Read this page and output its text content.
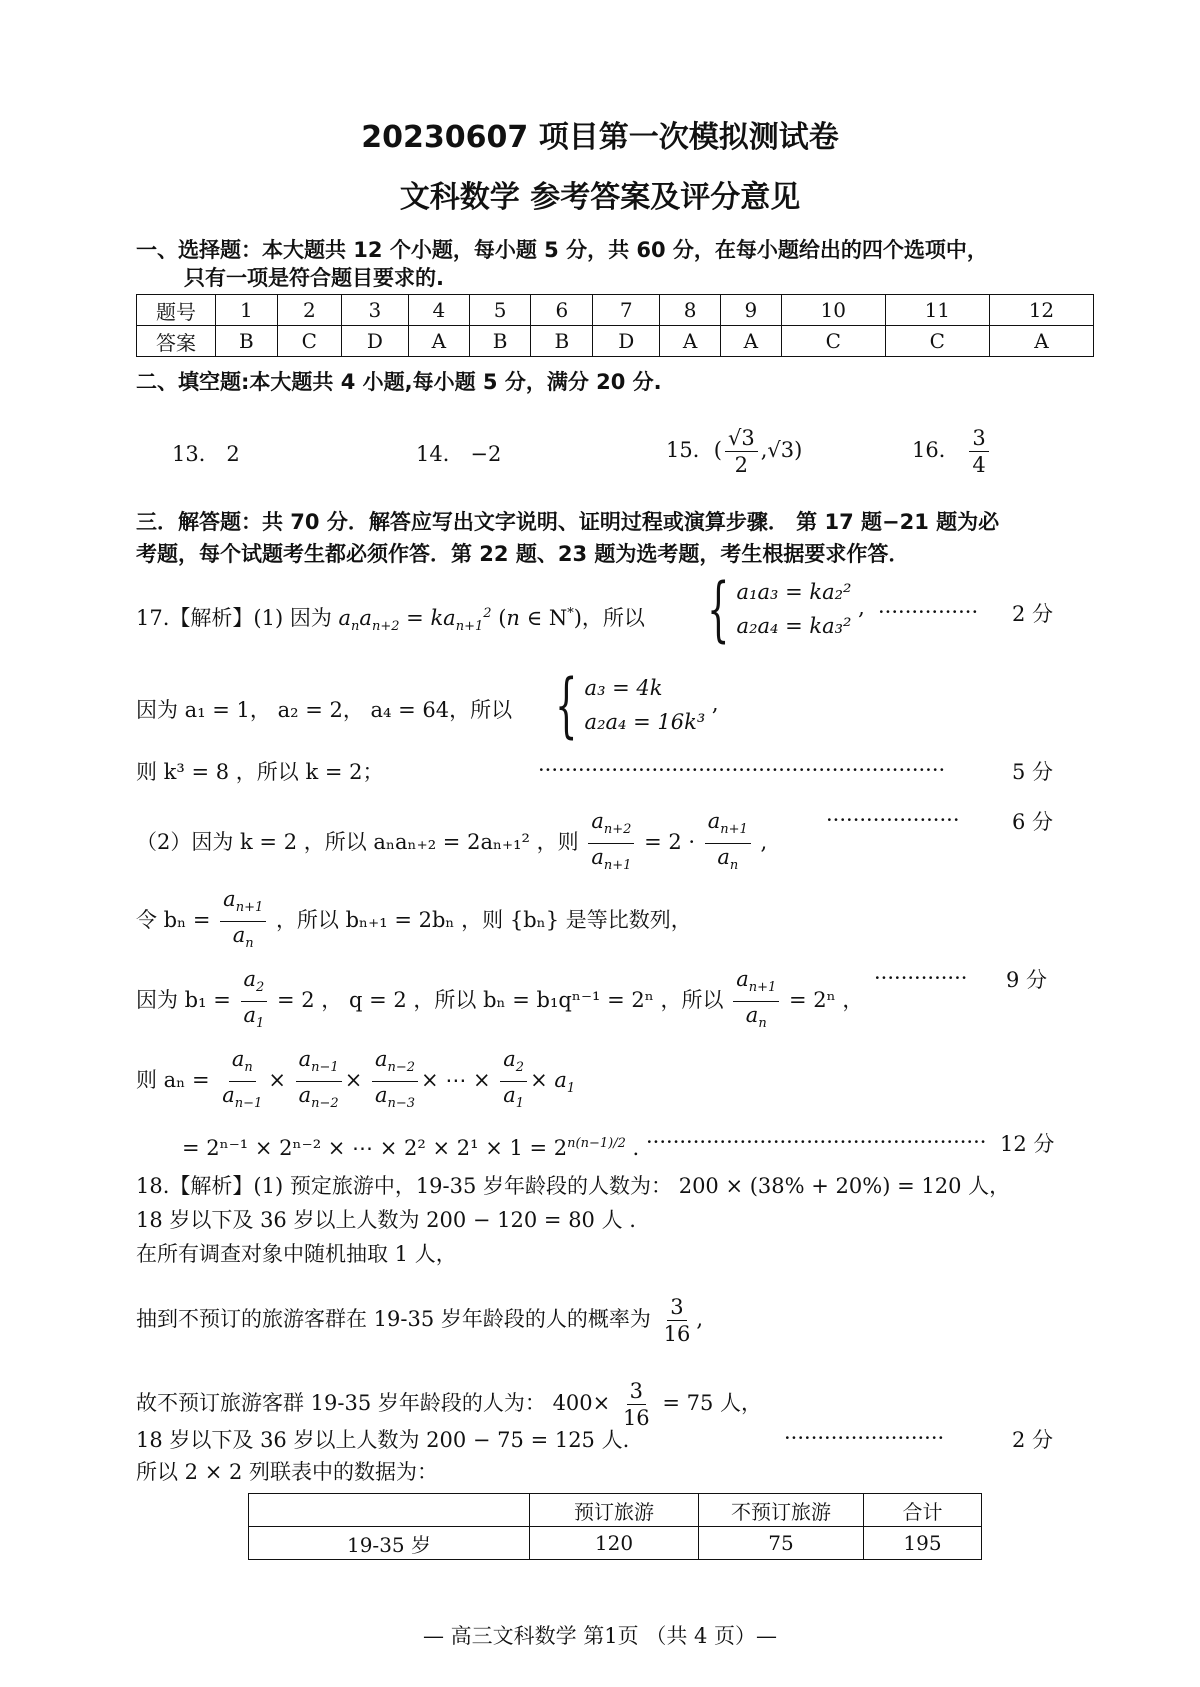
20230607 项目第一次模拟测试卷
文科数学 参考答案及评分意见
一、选择题：本大题共 12 个小题，每小题 5 分，共 60 分，在每小题给出的四个选项中，
只有一项是符合题目要求的.
题号	1	2	3	4	5	6	7	8	9	10	11	12
答案	B	C	D	A	B	B	D	A	A	C	C	A
二、填空题:本大题共 4 小题,每小题 5 分，满分 20 分.
13． 2	14． −2	15．( $\frac{√3}{2} ,√3$)	16． $\frac{3}{4}$
三．解答题：共 70 分．解答应写出文字说明、证明过程或演算步骤． 第 17 题−21 题为必
考题，每个试题考生都必须作答．第 22 题、23 题为选考题，考生根据要求作答．
17.【解析】(1) 因为 $a_na_{n+2} = ka_{n+1}^2$ (n ∈ N*)，所以 { a₁a₃ = ka₂²
a₂a₄ = ka₃²
, ··············· 2 分
因为 a₁ = 1， a₂ = 2， a₄ = 64，所以 { a₃ = 4k
a₂a₄ = 16k³
,
则 k³ = 8 ，所以 k = 2；	·····························································	5 分
（2）因为 k = 2 ，所以 aₙaₙ₊₂ = 2aₙ₊₁² ，则 $\frac{a_{n+2}}{a_{n+1}} = 2 \cdot \frac{a_{n+1}}{a_n}$ ,
···················· 6 分
令 $b_n = \frac{a_{n+1}}{a_n}$ ，所以 bₙ₊₁ = 2bₙ ，则 {bₙ} 是等比数列，
因为 $b_1 = \frac{a_2}{a_1} = 2$ ， q = 2 ，所以 bₙ = b₁qⁿ⁻¹ = 2ⁿ ，所以 $\frac{a_{n+1}}{a_n} = 2^n$ ，
·············· 9 分
则 $a_n = \frac{a_n}{a_{n-1}} \times \frac{a_{n-1}}{a_{n-2}} \times \frac{a_{n-2}}{a_{n-3}}$ × ⋯ × $\frac{a_2}{a_1} \times a_1$
= 2ⁿ⁻¹ × 2ⁿ⁻² × ⋯ × $2^2 \times 2^1 \times 1 = 2^{n(n-1)/2}$ . ··················································· 12 分
18.【解析】(1) 预定旅游中，19-35 岁年龄段的人数为： 200 × (38% + 20%) = 120 人，
18 岁以下及 36 岁以上人数为 200 − 120 = 80 人 .
在所有调查对象中随机抽取 1 人，
抽到不预订的旅游客群在 19-35 岁年龄段的人的概率为 $\frac{3}{16}$ ,
故不预订旅游客群 19-35 岁年龄段的人为： $400\times \frac{3}{16} = 75$ 人，
18 岁以下及 36 岁以上人数为 200 − 75 = 125 人.	························	2 分
所以 2 × 2 列联表中的数据为：
	预订旅游	不预订旅游	合计
19-35 岁	120	75	195
— 高三文科数学 第1页 （共 4 页）—
